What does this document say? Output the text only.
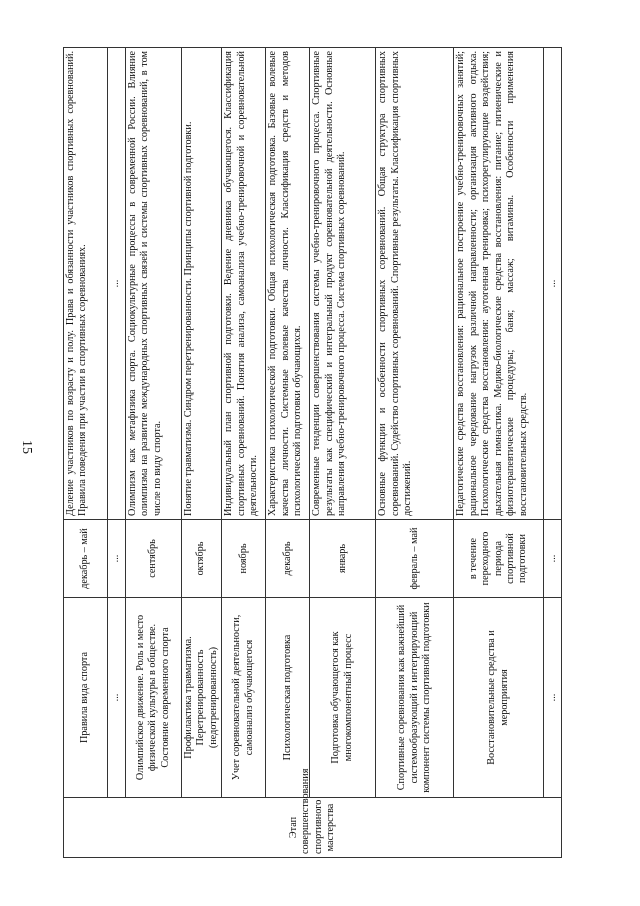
15
Этап совершенствования спортивного мастерства	Правила вида спорта	декабрь – май	Деление участников по возрасту и полу. Права и обязанности участников спортивных соревнований. Правила поведения при участии в спортивных соревнованиях.
	...	...	...
	Олимпийское движение. Роль и место физической культуры в обществе. Состояние современного спорта	сентябрь	Олимпизм как метафизика спорта. Социокультурные процессы в современной России. Влияние олимпизма на развитие международных спортивных связей и системы спортивных соревнований, в том числе по виду спорта.
	Профилактика травматизма. Перетренированность (недотренированность)	октябрь	Понятие травматизма. Синдром перетренированности. Принципы спортивной подготовки.
	Учет соревновательной деятельности, самоанализ обучающегося	ноябрь	Индивидуальный план спортивной подготовки. Ведение дневника обучающегося. Классификация спортивных соревнований. Понятия анализа, самоанализа учебно-тренировочной и соревновательной деятельности.
	Психологическая подготовка	декабрь	Характеристика психологической подготовки. Общая психологическая подготовка. Базовые волевые качества личности. Системные волевые качества личности. Классификация средств и методов психологической подготовки обучающихся.
	Подготовка обучающегося как многокомпонентный процесс	январь	Современные тенденции совершенствования системы учебно-тренировочного процесса. Спортивные результаты как специфический и интегральный продукт соревновательной деятельности. Основные направления учебно-тренировочного процесса. Система спортивных соревнований.
	Спортивные соревнования как важнейший системообразующий и интегрирующий компонент системы спортивной подготовки	февраль – май	Основные функции и особенности спортивных соревнований. Общая структура спортивных соревнований. Судейство спортивных соревнований. Спортивные результаты. Классификация спортивных достижений.
	Восстановительные средства и мероприятия	в течение переходного периода спортивной подготовки	Педагогические средства восстановления: рациональное построение учебно-тренировочных занятий; рациональное чередование нагрузок различной направленности; организация активного отдыха. Психологические средства восстановления: аутогенная тренировка; психорегулирующие воздействия; дыхательная гимнастика. Медико-биологические средства восстановления: питание; гигиенические и физиотерапевтические процедуры; баня; массаж; витамины. Особенности применения восстановительных средств.
	...	...	...
